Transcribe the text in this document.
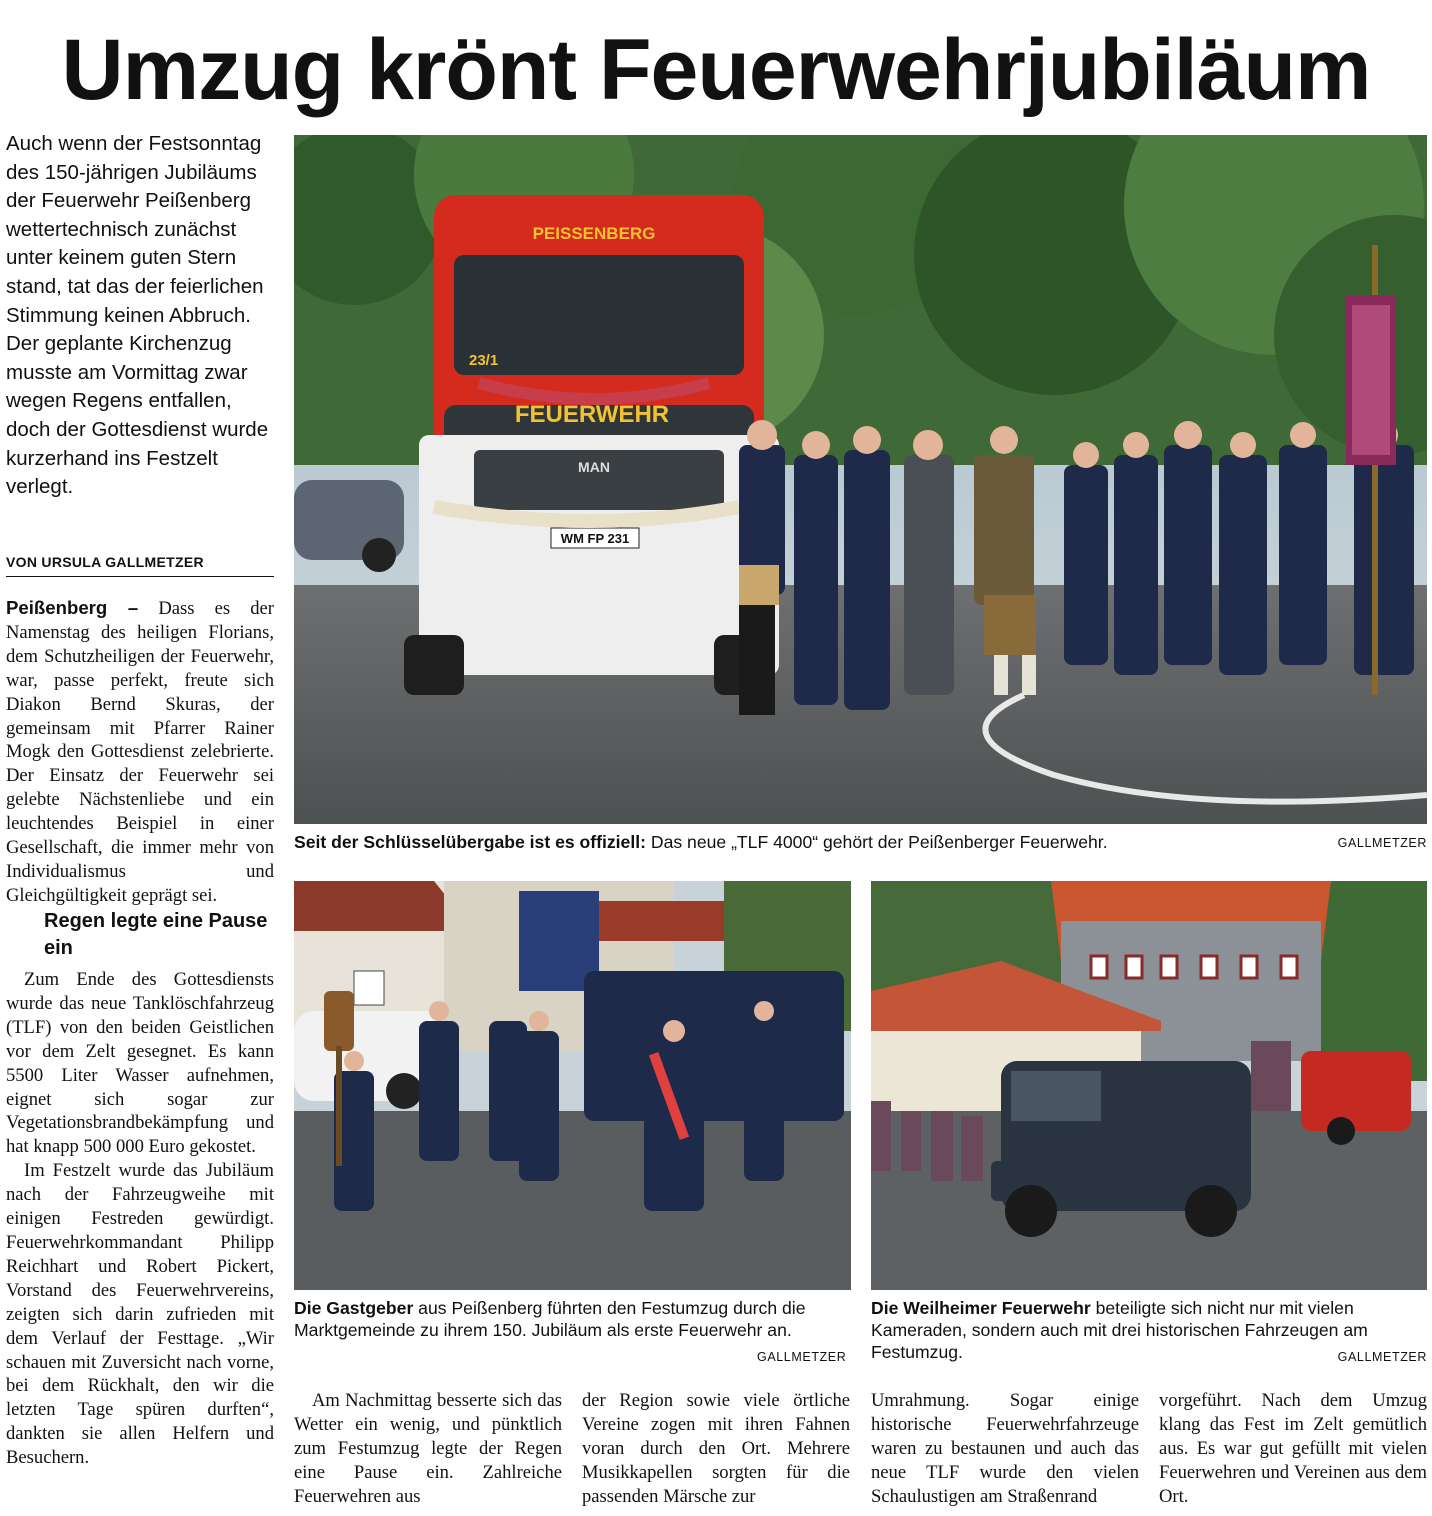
Umzug krönt Feuerwehrjubiläum
Auch wenn der Festsonntag des 150-jährigen Jubiläums der Feuerwehr Peißenberg wettertechnisch zunächst unter keinem guten Stern stand, tat das der feierlichen Stimmung keinen Abbruch. Der geplante Kirchenzug musste am Vormittag zwar wegen Regens entfallen, doch der Gottesdienst wurde kurzerhand ins Festzelt verlegt.
VON URSULA GALLMETZER

Peißenberg – Dass es der Namenstag des heiligen Florians, dem Schutzheiligen der Feuerwehr, war, passe perfekt, freute sich Diakon Bernd Skuras, der gemeinsam mit Pfarrer Rainer Mogk den Gottesdienst zelebrierte. Der Einsatz der Feuerwehr sei gelebte Nächstenliebe und ein leuchtendes Beispiel in einer Gesellschaft, die immer mehr von Individualismus und Gleichgültigkeit geprägt sei.

Regen legte eine Pause ein

Zum Ende des Gottesdiensts wurde das neue Tanklöschfahrzeug (TLF) von den beiden Geistlichen vor dem Zelt gesegnet. Es kann 5500 Liter Wasser aufnehmen, eignet sich sogar zur Vegetationsbrandbekämpfung und hat knapp 500 000 Euro gekostet.

Im Festzelt wurde das Jubiläum nach der Fahrzeugweihe mit einigen Festreden gewürdigt. Feuerwehrkommandant Philipp Reichhart und Robert Pickert, Vorstand des Feuerwehrvereins, zeigten sich darin zufrieden mit dem Verlauf der Festtage. „Wir schauen mit Zuversicht nach vorne, bei dem Rückhalt, den wir die letzten Tage spüren durften“, dankten sie allen Helfern und Besuchern.

PEISSENBERG
23/1
FEUERWEHR
MAN
WM FP 231
Seit der Schlüsselübergabe ist es offiziell: Das neue „TLF 4000“ gehört der Peißenberger Feuerwehr.	GALLMETZER
Die Gastgeber aus Peißenberg führten den Festumzug durch die Marktgemeinde zu ihrem 150. Jubiläum als erste Feuerwehr an.
GALLMETZER
Die Weilheimer Feuerwehr beteiligte sich nicht nur mit vielen Kameraden, sondern auch mit drei historischen Fahrzeugen am Festumzug.	GALLMETZER

Am Nachmittag besserte sich das Wetter ein wenig, und pünktlich zum Festumzug legte der Regen eine Pause ein. Zahlreiche Feuerwehren aus

der Region sowie viele örtliche Vereine zogen mit ihren Fahnen voran durch den Ort. Mehrere Musikkapellen sorgten für die passenden Märsche zur

Umrahmung. Sogar einige historische Feuerwehrfahrzeuge waren zu bestaunen und auch das neue TLF wurde den vielen Schaulustigen am Straßenrand

vorgeführt. Nach dem Umzug klang das Fest im Zelt gemütlich aus. Es war gut gefüllt mit vielen Feuerwehren und Vereinen aus dem Ort.
